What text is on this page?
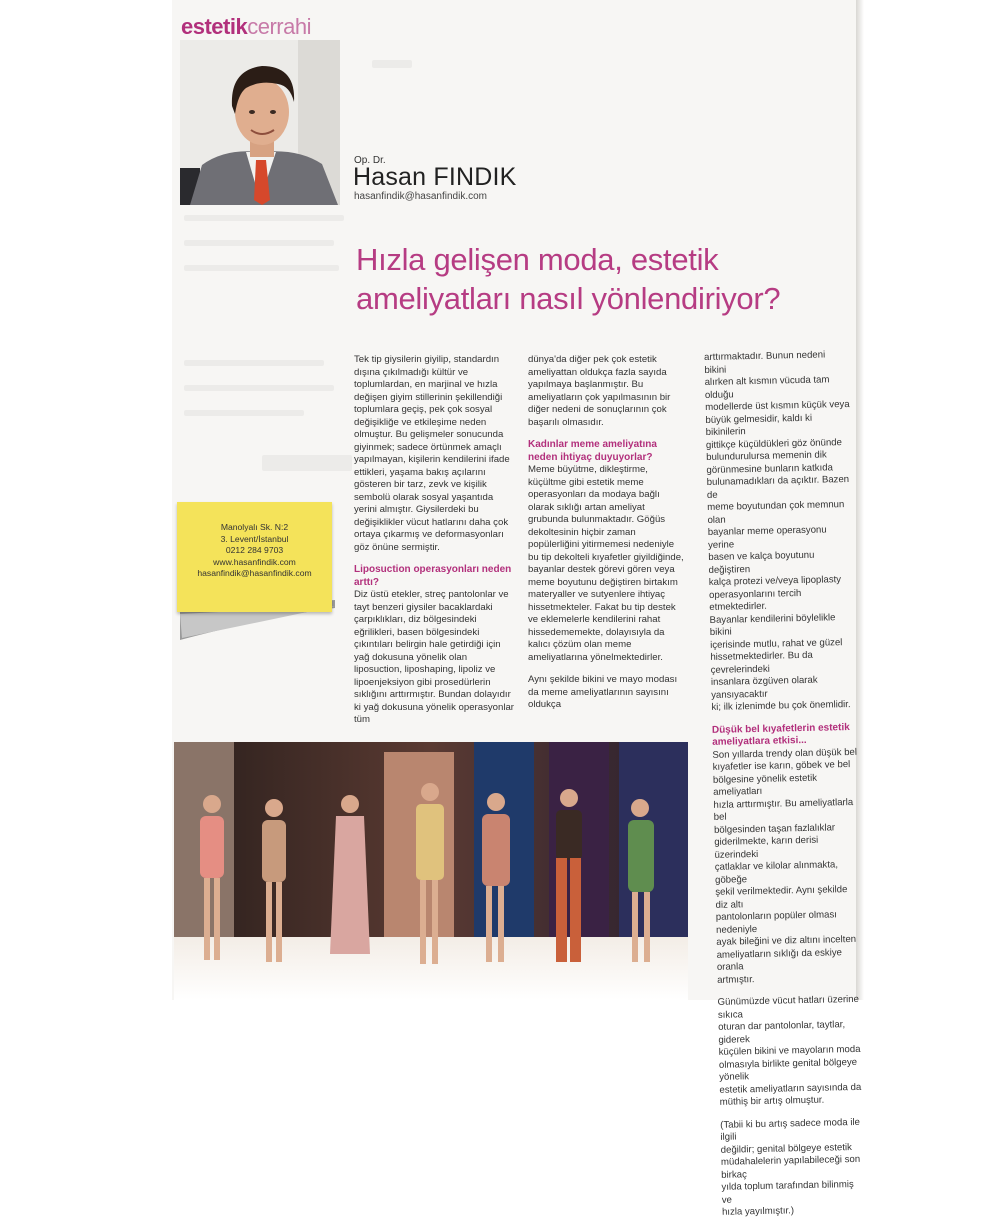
estetikcerrahi
Op. Dr.
Hasan FINDIK
hasanfindik@hasanfindik.com
Hızla gelişen moda, estetik
ameliyatları nasıl yönlendiriyor?

Tek tip giysilerin giyilip, standardın dışına çıkılmadığı kültür ve toplumlardan, en marjinal ve hızla değişen giyim stillerinin şekillendiği toplumlara geçiş, pek çok sosyal değişikliğe ve etkileşime neden olmuştur. Bu gelişmeler sonucunda giyinmek; sadece örtünmek amaçlı yapılmayan, kişilerin kendilerini ifade ettikleri, yaşama bakış açılarını gösteren bir tarz, zevk ve kişilik sembolü olarak sosyal yaşantıda yerini almıştır. Giysilerdeki bu değişiklikler vücut hatlarını daha çok ortaya çıkarmış ve deformasyonları göz önüne sermiştir.

Liposuction operasyonları neden arttı?

Diz üstü etekler, streç pantolonlar ve tayt benzeri giysiler bacaklardaki çarpıklıkları, diz bölgesindeki eğrilikleri, basen bölgesindeki çıkıntıları belirgin hale getirdiği için yağ dokusuna yönelik olan liposuction, liposhaping, lipoliz ve lipoenjeksiyon gibi prosedürlerin sıklığını arttırmıştır. Bundan dolayıdır ki yağ dokusuna yönelik operasyonlar tüm

dünya'da diğer pek çok estetik ameliyattan oldukça fazla sayıda yapılmaya başlanmıştır. Bu ameliyatların çok yapılmasının bir diğer nedeni de sonuçlarının çok başarılı olmasıdır.

Kadınlar meme ameliyatına neden ihtiyaç duyuyorlar?

Meme büyütme, dikleştirme, küçültme gibi estetik meme operasyonları da modaya bağlı olarak sıklığı artan ameliyat grubunda bulunmaktadır. Göğüs dekoltesinin hiçbir zaman popülerliğini yitirmemesi nedeniyle bu tip dekolteli kıyafetler giyildiğinde, bayanlar destek görevi gören veya meme boyutunu değiştiren birtakım materyaller ve sutyenlere ihtiyaç hissetmekteler. Fakat bu tip destek ve eklemelerle kendilerini rahat hissedememekte, dolayısıyla da kalıcı çözüm olan meme ameliyatlarına yönelmektedirler.

Aynı şekilde bikini ve mayo modası da meme ameliyatlarının sayısını oldukça

arttırmaktadır. Bunun nedeni bikini
alırken alt kısmın vücuda tam olduğu
modellerde üst kısmın küçük veya
büyük gelmesidir, kaldı ki bikinilerin
gittikçe küçüldükleri göz önünde
bulundurulursa memenin dik
görünmesine bunların katkıda
bulunamadıkları da açıktır. Bazen de
meme boyutundan çok memnun olan
bayanlar meme operasyonu yerine
basen ve kalça boyutunu değiştiren
kalça protezi ve/veya lipoplasty
operasyonlarını tercih etmektedirler.
Bayanlar kendilerini böylelikle bikini
içerisinde mutlu, rahat ve güzel
hissetmektedirler. Bu da çevrelerindeki
insanlara özgüven olarak yansıyacaktır
ki; ilk izlenimde bu çok önemlidir.

Düşük bel kıyafetlerin estetik ameliyatlara etkisi...

Son yıllarda trendy olan düşük bel
kıyafetler ise karın, göbek ve bel
bölgesine yönelik estetik ameliyatları
hızla arttırmıştır. Bu ameliyatlarla bel
bölgesinden taşan fazlalıklar
giderilmekte, karın derisi üzerindeki
çatlaklar ve kilolar alınmakta, göbeğe
şekil verilmektedir. Aynı şekilde diz altı
pantolonların popüler olması nedeniyle
ayak bileğini ve diz altını incelten
ameliyatların sıklığı da eskiye oranla
artmıştır.

Günümüzde vücut hatları üzerine sıkıca
oturan dar pantolonlar, taytlar, giderek
küçülen bikini ve mayoların moda
olmasıyla birlikte genital bölgeye yönelik
estetik ameliyatların sayısında da
müthiş bir artış olmuştur.

(Tabii ki bu artış sadece moda ile ilgili
değildir; genital bölgeye estetik
müdahalelerin yapılabileceği son birkaç
yılda toplum tarafından bilinmiş ve
hızla yayılmıştır.)

Manolyalı Sk. N:2
3. Levent/İstanbul
0212 284 9703
www.hasanfindik.com
hasanfindik@hasanfindik.com
